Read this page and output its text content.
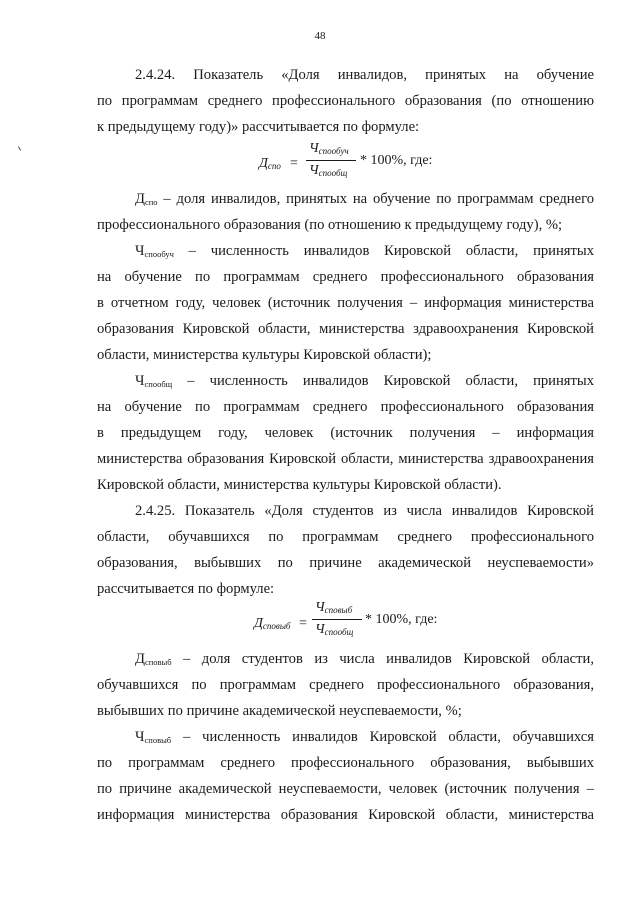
48
2.4.24. Показатель «Доля инвалидов, принятых на обучение
по программам среднего профессионального образования (по отношению
к предыдущему году)» рассчитывается по формуле:
$Д_{спо}$ =
$Ч_{спообуч}$
$Ч_{спообщ}$
* 100%, где:
$Д_{спо}$ – доля инвалидов, принятых на обучение по программам среднего
профессионального образования (по отношению к предыдущему году), %;
$Ч_{спообуч}$ – численность инвалидов Кировской области, принятых
на обучение по программам среднего профессионального образования
в отчетном году, человек (источник получения – информация министерства
образования Кировской области, министерства здравоохранения Кировской
области, министерства культуры Кировской области);
$Ч_{спообщ}$ – численность инвалидов Кировской области, принятых
на обучение по программам среднего профессионального образования
в предыдущем году, человек (источник получения – информация
министерства образования Кировской области, министерства здравоохранения
Кировской области, министерства культуры Кировской области).
2.4.25. Показатель «Доля студентов из числа инвалидов Кировской
области, обучавшихся по программам среднего профессионального
образования, выбывших по причине академической неуспеваемости»
рассчитывается по формуле:
$Д_{сповыб}$ =
$Ч_{сповыб}$
$Ч_{спообщ}$
* 100%, где:
$Д_{сповыб}$ – доля студентов из числа инвалидов Кировской области,
обучавшихся по программам среднего профессионального образования,
выбывших по причине академической неуспеваемости, %;
$Ч_{сповыб}$ – численность инвалидов Кировской области, обучавшихся
по программам среднего профессионального образования, выбывших
по причине академической неуспеваемости, человек (источник получения –
информация министерства образования Кировской области, министерства
